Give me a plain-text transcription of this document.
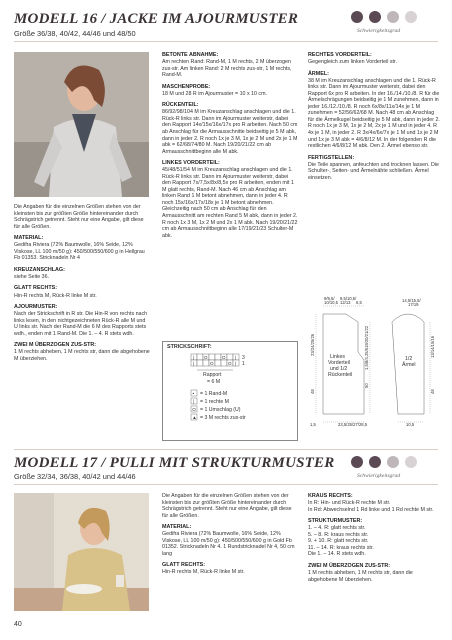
MODELL 16 / JACKE IM AJOURMUSTER
Größe 36/38, 40/42, 44/46 und 48/50	Schwierigkeitsgrad

Die Angaben für die einzelnen Größen stehen von der kleinsten bis zur größten Größe hintereinander durch Schrägstrich getrennt. Steht nur eine Angabe, gilt diese für alle Größen.

MATERIAL:

Gedifra Riviera (72% Baumwolle, 16% Seide, 12% Viskose, LL 100 m/50 g): 450/500/550/600 g in Hellgrau Fb 01353. Stricknadeln Nr 4

KREUZANSCHLAG:

siehe Seite 36.

GLATT RECHTS:

Hin-R rechts M, Rück-R linke M str.

AJOURMUSTER:

Nach der Strickschrift in R str. Die Hin-R von rechts nach links lesen, in den nichtgezeichneten Rück-R alle M und U links str. Nach der Rand-M die 6 M des Rapports stets wdh., enden mit 1 Rand-M. Die 1. – 4. R stets wdh.

ZWEI M ÜBERZOGEN ZUS-STR:

1 M rechts abheben, 1 M rechts str, dann die abgehobene M überziehen.

BETONTE ABNAHME:

Am rechten Rand: Rand-M, 1 M rechts, 2 M überzogen zus-str. Am linken Rand: 2 M rechts zus-str, 1 M rechts, Rand-M.

MASCHENPROBE:

18 M und 28 R im Ajourmuster = 10 x 10 cm.

RÜCKENTEIL:

86/92/98/104 M im Kreuzanschlag anschlagen und die 1. Rück-R links str. Dann im Ajourmuster weiterstr, dabei den Rapport 14x/15x/16x/17x pro R arbeiten. Nach 50 cm ab Anschlag für die Armausschnitte beidseitig je 5 M abk, dann in jeder 2. R noch 1x je 3 M, 1x je 2 M und 2x je 1 M abk = 62/68/74/80 M. Nach 19/20/21/22 cm ab Armausschnittbeginn alle M abk.

LINKES VORDERTEIL:

45/48/51/54 M im Kreuzanschlag anschlagen und die 1. Rück-R links str. Dann im Ajourmuster weiterstr, dabei den Rapport 7x/7,5x/8x/8,5x pro R arbeiten, enden mit 1 M glatt rechts, Rand-M. Nach 46 cm ab Anschlag am linken Rand 1 M betont abnehmen, dann in jeder 4. R noch 15x/16x/17x/18x je 1 M betont abnehmen.

Gleichzeitig nach 50 cm ab Anschlag für den Armausschnitt am rechten Rand 5 M abk, dann in jeder 2. R noch 1x 3 M, 1x 2 M und 2x 1 M abk. Nach 19/20/21/22 cm ab Armausschnittbeginn alle 17/19/21/23 Schulter-M abk.

STRICKSCHRIFT:
|	|
|	|
O	O
O	O
3
1
Rapport
= 6 M
•
|
O
▲
= 1 Rand-M
= 1 rechte M
= 1 Umschlag (U)
= 3 M rechts zus-str
RECHTES VORDERTEIL:

Gegengleich zum linken Vorderteil str.

ÄRMEL:

38 M im Kreuzanschlag anschlagen und die 1. Rück-R links str. Dann im Ajourmuster weiterstr, dabei den Rapport 6x pro R arbeiten. In der 16./14./10./8. R für die Ärmelschrägungen beidseitig je 1 M zunehmen, dann in jeder 16./12./10./8. R noch 6x/8x/11x/14x je 1 M zunehmen = 52/56/62/68 M. Nach 48 cm ab Anschlag für die Ärmelkugel beidseitig je 5 M abk, dann in jeder 2. R noch 1x je 3 M, 1x je 2 M, 2x je 1 M und in jeder 4. R 4x je 1 M, in jeder 2. R 3x/4x/6x/7x je 1 M und 1x je 2 M und 1x je 3 M abk = 4/6/8/12 M. In der folgenden R die restlichen 4/6/8/12 M abk. Den 2. Ärmel ebenso str.

FERTIGSTELLEN:

Die Teile spannen, anfeuchten und trocknen lassen. Die Schulter-, Seiten- und Ärmelnähte schließen. Ärmel einsetzen.

9/9,5/
10/10,5
9,5/10,5/
12/13 6,5	14,5/15,5/
17/19
23,5/25/27/28,5
1,5	10,5
Linkes
Vorderteil
und 1/2
Rückenteil
1/2
Ärmel
23/24/25/26
48
50
1,5/8/4,25/5
13/14/15/16
48
19/20/21/22
MODELL 17 / PULLI MIT STRUKTURMUSTER
Größe 32/34, 36/38, 40/42 und 44/46	Schwierigkeitsgrad

Die Angaben für die einzelnen Größen stehen von der kleinsten bis zur größten Größe hintereinander durch Schrägstrich getrennt. Steht nur eine Angabe, gilt diese für alle Größen.

MATERIAL:

Gedifra Riviera (72% Baumwolle, 16% Seide, 12% Viskose, LL 100 m/50 g): 450/500/550/600 g in Gold Fb 01352. Stricknadeln Nr 4. 1 Rundstricknadel Nr 4, 50 cm lang

GLATT RECHTS:

Hin-R rechts M, Rück-R linke M str.

KRAUS RECHTS:

In R: Hin- und Rück-R rechte M str.

In Rd: Abwechselnd 1 Rd linke und 1 Rd rechte M str.

STRUKTURMUSTER:
1. – 4. R: glatt rechts str.
5. – 8. R: kraus rechts str.
9. + 10. R: glatt rechts str.
11. – 14. R: kraus rechts str.
Die 1. – 14. R stets wdh.
ZWEI M ÜBERZOGEN ZUS-STR:

1 M rechts abheben, 1 M rechts str, dann die abgehobene M überziehen.

40
